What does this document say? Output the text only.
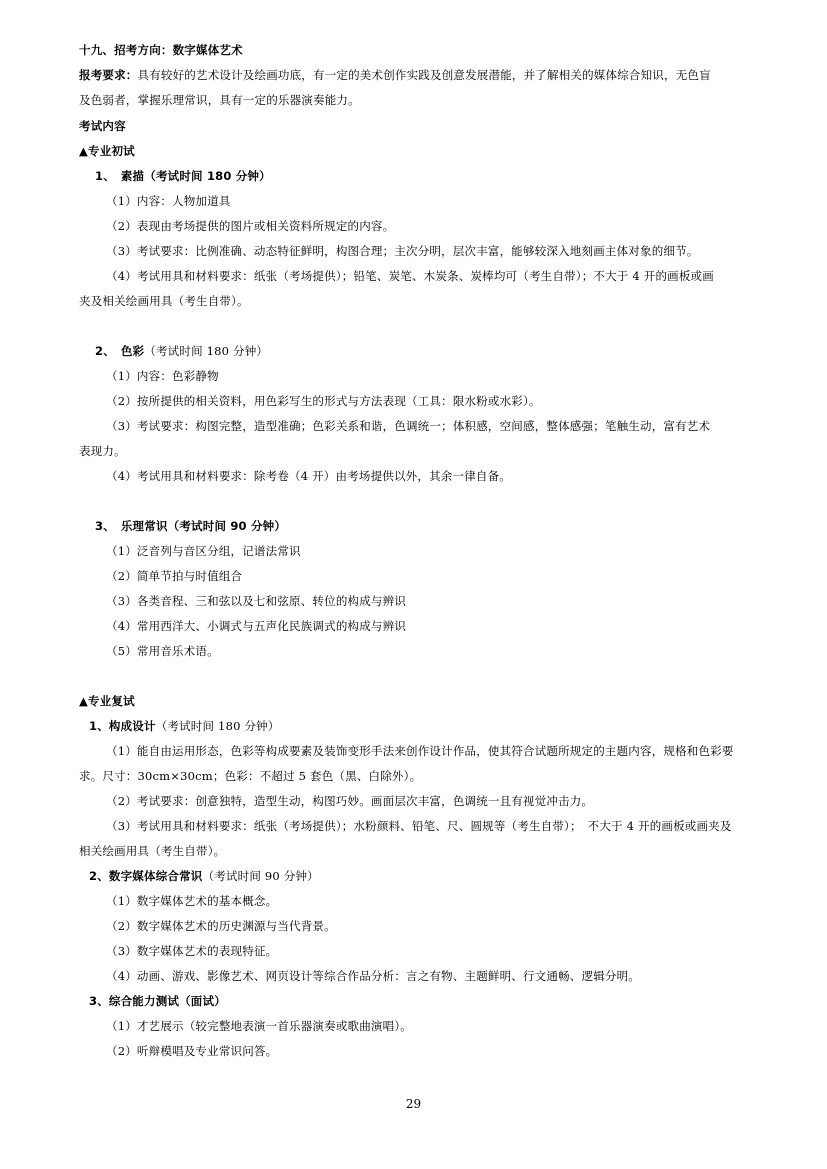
十九、招考方向：数字媒体艺术
报考要求：具有较好的艺术设计及绘画功底，有一定的美术创作实践及创意发展潜能，并了解相关的媒体综合知识，无色盲
及色弱者，掌握乐理常识，具有一定的乐器演奏能力。
考试内容
▲专业初试
1、　素描（考试时间 180 分钟）
（1）内容：人物加道具
（2）表现由考场提供的图片或相关资料所规定的内容。
（3）考试要求：比例准确、动态特征鲜明，构图合理；主次分明，层次丰富，能够较深入地刻画主体对象的细节。
（4）考试用具和材料要求：纸张（考场提供）；铅笔、炭笔、木炭条、炭棒均可（考生自带）；不大于 4 开的画板或画
夹及相关绘画用具（考生自带）。
2、　色彩（考试时间 180 分钟）
（1）内容：色彩静物
（2）按所提供的相关资料，用色彩写生的形式与方法表现（工具：限水粉或水彩）。
（3）考试要求：构图完整，造型准确；色彩关系和谐，色调统一；体积感，空间感，整体感强；笔触生动，富有艺术
表现力。
（4）考试用具和材料要求：除考卷（4 开）由考场提供以外，其余一律自备。
3、　乐理常识（考试时间 90 分钟）
（1）泛音列与音区分组，记谱法常识
（2）简单节拍与时值组合
（3）各类音程、三和弦以及七和弦原、转位的构成与辨识
（4）常用西洋大、小调式与五声化民族调式的构成与辨识
（5）常用音乐术语。
▲专业复试
1、构成设计（考试时间 180 分钟）
（1）能自由运用形态，色彩等构成要素及装饰变形手法来创作设计作品，使其符合试题所规定的主题内容，规格和色彩要
求。尺寸：30cm×30cm；色彩：不超过 5 套色（黑、白除外）。
（2）考试要求：创意独特，造型生动，构图巧妙。画面层次丰富，色调统一且有视觉冲击力。
（3）考试用具和材料要求：纸张（考场提供）；水粉颜料、铅笔、尺、圆规等（考生自带）；　不大于 4 开的画板或画夹及
相关绘画用具（考生自带）。
2、数字媒体综合常识（考试时间 90 分钟）
（1）数字媒体艺术的基本概念。
（2）数字媒体艺术的历史渊源与当代背景。
（3）数字媒体艺术的表现特征。
（4）动画、游戏、影像艺术、网页设计等综合作品分析：言之有物、主题鲜明、行文通畅、逻辑分明。
3、综合能力测试（面试）
（1）才艺展示（较完整地表演一首乐器演奏或歌曲演唱）。
（2）听辩模唱及专业常识问答。
29
